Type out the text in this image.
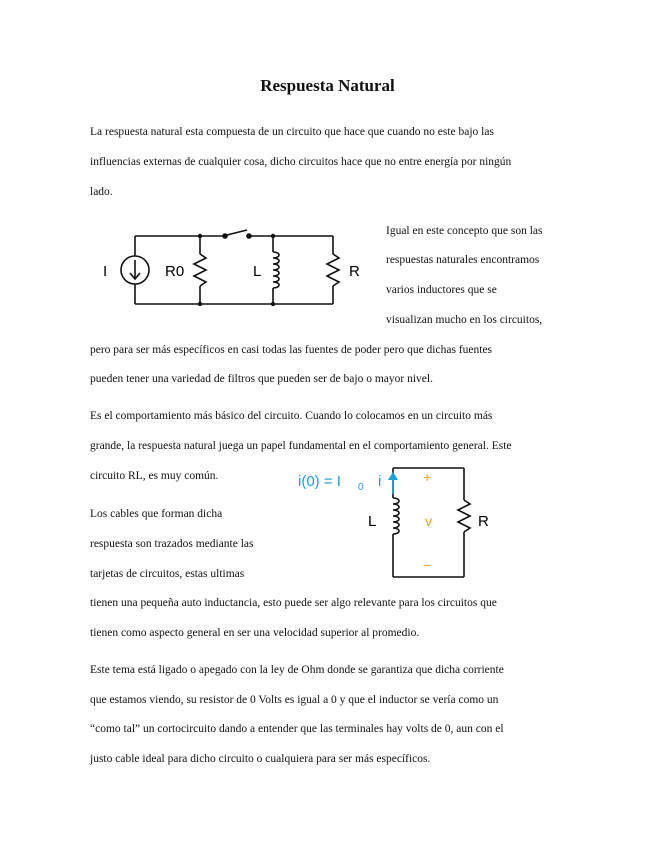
Respuesta Natural
La respuesta natural esta compuesta de un circuito que hace que cuando no este bajo las
influencias externas de cualquier cosa, dicho circuitos hace que no entre energía por ningún
lado.
I	R0	L	R
Igual en este concepto que son las
respuestas naturales encontramos
varios inductores que se
visualizan mucho en los circuitos,
pero para ser más específicos en casi todas las fuentes de poder pero que dichas fuentes
pueden tener una variedad de filtros que pueden ser de bajo o mayor nivel.
Es el comportamiento más básico del circuito. Cuando lo colocamos en un circuito más
grande, la respuesta natural juega un papel fundamental en el comportamiento general. Este
circuito RL, es muy común.	i(0) = I 0 i	+
v
−
L	R
Los cables que forman dicha
respuesta son trazados mediante las
tarjetas de circuitos, estas ultimas
tienen una pequeña auto inductancia, esto puede ser algo relevante para los circuitos que
tienen como aspecto general en ser una velocidad superior al promedio.
Este tema está ligado o apegado con la ley de Ohm donde se garantiza que dicha corriente
que estamos viendo, su resistor de 0 Volts es igual a 0 y que el inductor se vería como un
“como tal” un cortocircuito dando a entender que las terminales hay volts de 0, aun con el
justo cable ideal para dicho circuito o cualquiera para ser más específicos.
